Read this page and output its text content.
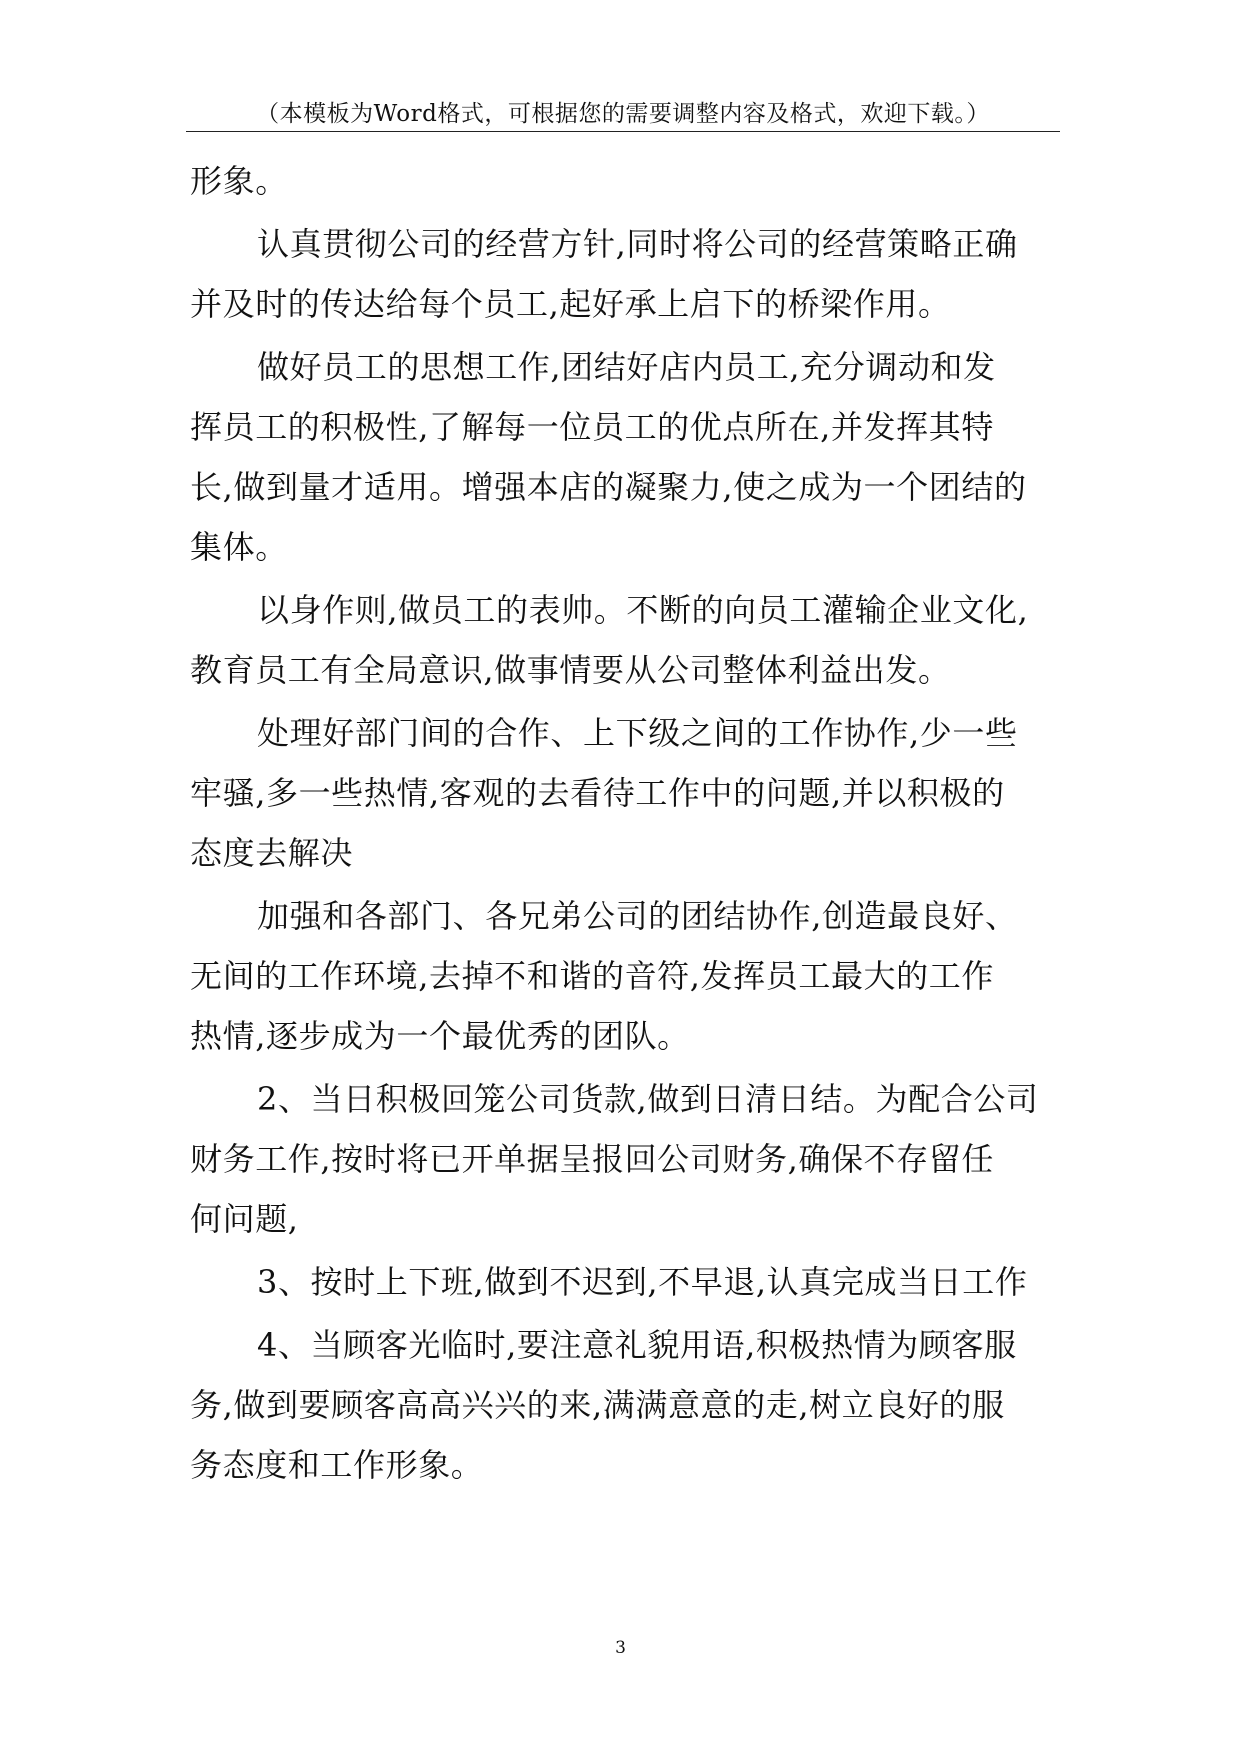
（本模板为Word格式，可根据您的需要调整内容及格式，欢迎下载。）
形象。
认真贯彻公司的经营方针,同时将公司的经营策略正确
并及时的传达给每个员工,起好承上启下的桥梁作用。
做好员工的思想工作,团结好店内员工,充分调动和发
挥员工的积极性,了解每一位员工的优点所在,并发挥其特
长,做到量才适用。增强本店的凝聚力,使之成为一个团结的
集体。
以身作则,做员工的表帅。不断的向员工灌输企业文化,
教育员工有全局意识,做事情要从公司整体利益出发。
处理好部门间的合作、上下级之间的工作协作,少一些
牢骚,多一些热情,客观的去看待工作中的问题,并以积极的
态度去解决
加强和各部门、各兄弟公司的团结协作,创造最良好、
无间的工作环境,去掉不和谐的音符,发挥员工最大的工作
热情,逐步成为一个最优秀的团队。
2、当日积极回笼公司货款,做到日清日结。为配合公司
财务工作,按时将已开单据呈报回公司财务,确保不存留任
何问题,
3、按时上下班,做到不迟到,不早退,认真完成当日工作
4、当顾客光临时,要注意礼貌用语,积极热情为顾客服
务,做到要顾客高高兴兴的来,满满意意的走,树立良好的服
务态度和工作形象。
3
